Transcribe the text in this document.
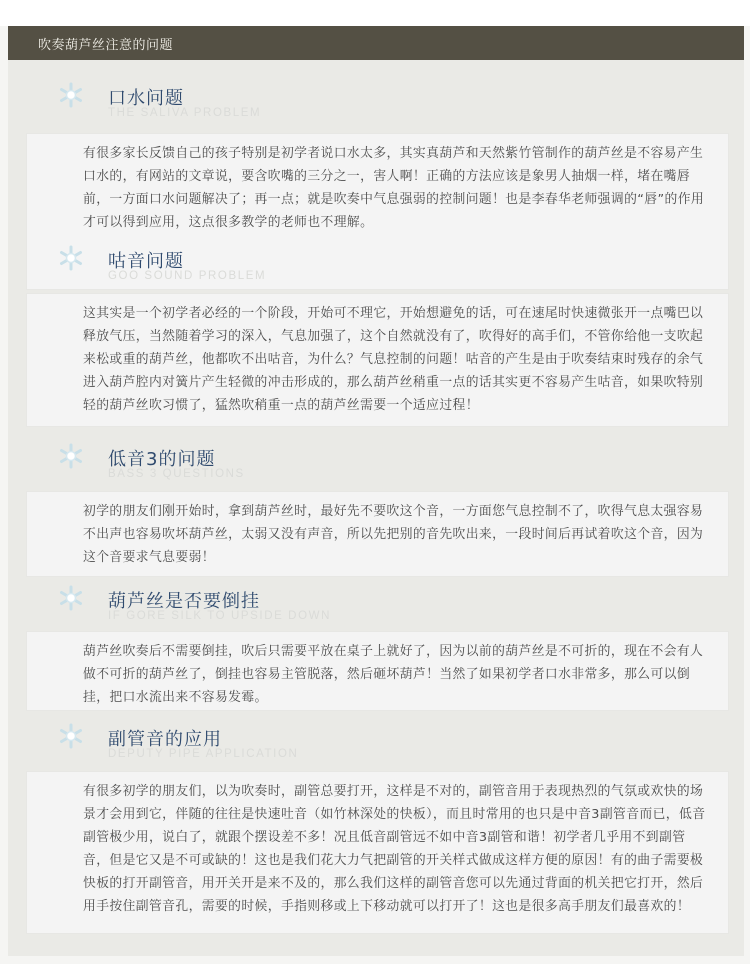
吹奏葫芦丝注意的问题
口水问题
THE SALIVA PROBLEM
有很多家长反馈自己的孩子特别是初学者说口水太多，其实真葫芦和天然紫竹管制作的葫芦丝是不容易产生口水的，有网站的文章说，要含吹嘴的三分之一，害人啊！正确的方法应该是象男人抽烟一样，堵在嘴唇前，一方面口水问题解决了；再一点；就是吹奏中气息强弱的控制问题！也是李春华老师强调的“唇”的作用才可以得到应用，这点很多教学的老师也不理解。
咕音问题
GOO SOUND PROBLEM
这其实是一个初学者必经的一个阶段，开始可不理它，开始想避免的话，可在速尾时快速微张开一点嘴巴以释放气压，当然随着学习的深入，气息加强了，这个自然就没有了，吹得好的高手们，不管你给他一支吹起来松或重的葫芦丝，他都吹不出咕音，为什么？气息控制的问题！咕音的产生是由于吹奏结束时残存的余气进入葫芦腔内对簧片产生轻微的冲击形成的，那么葫芦丝稍重一点的话其实更不容易产生咕音，如果吹特别轻的葫芦丝吹习惯了，猛然吹稍重一点的葫芦丝需要一个适应过程！
低音3的问题
BASS 3 QUESTIONS
初学的朋友们刚开始时，拿到葫芦丝时，最好先不要吹这个音，一方面您气息控制不了，吹得气息太强容易不出声也容易吹坏葫芦丝，太弱又没有声音，所以先把别的音先吹出来，一段时间后再试着吹这个音，因为这个音要求气息要弱！
葫芦丝是否要倒挂
IF GORE SILK TO UPSIDE DOWN
葫芦丝吹奏后不需要倒挂，吹后只需要平放在桌子上就好了，因为以前的葫芦丝是不可折的，现在不会有人做不可折的葫芦丝了，倒挂也容易主管脱落，然后砸坏葫芦！当然了如果初学者口水非常多，那么可以倒挂，把口水流出来不容易发霉。
副管音的应用
DEPUTY PIPE APPLICATION
有很多初学的朋友们，以为吹奏时，副管总要打开，这样是不对的，副管音用于表现热烈的气氛或欢快的场景才会用到它，伴随的往往是快速吐音（如竹林深处的快板），而且时常用的也只是中音3副管音而已，低音副管极少用，说白了，就跟个摆设差不多！况且低音副管远不如中音3副管和谐！初学者几乎用不到副管音，但是它又是不可或缺的！这也是我们花大力气把副管的开关样式做成这样方便的原因！有的曲子需要极快板的打开副管音，用开关开是来不及的，那么我们这样的副管音您可以先通过背面的机关把它打开，然后用手按住副管音孔，需要的时候，手指则移或上下移动就可以打开了！这也是很多高手朋友们最喜欢的！
